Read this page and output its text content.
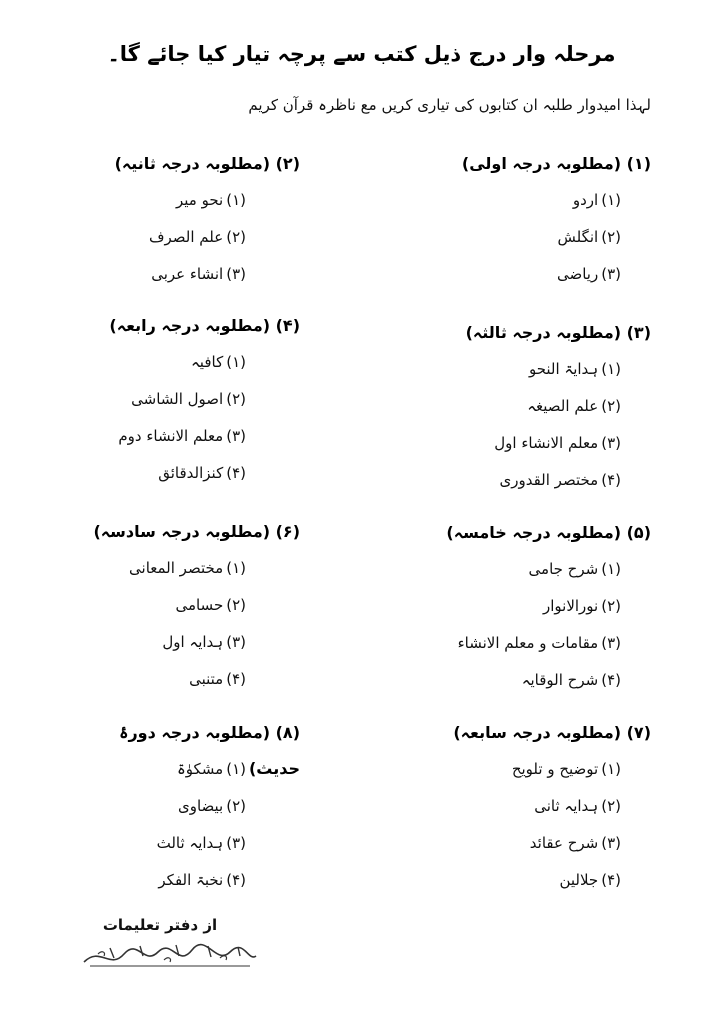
مرحلہ وار درج ذیل کتب سے پرچہ تیار کیا جائے گا۔
لہذا امیدوار طلبہ ان کتابوں کی تیاری کریں مع ناظرہ قرآن کریم
(۱) (مطلوبہ درجہ اولی)
(۱)اردو
(۲)انگلش
(۳)ریاضی
(۳) (مطلوبہ درجہ ثالثہ)
(۱)ہدایۃ النحو
(۲)علم الصیغہ
(۳)معلم الانشاء اول
(۴)مختصر القدوری
(۵) (مطلوبہ درجہ خامسہ)
(۱)شرح جامی
(۲)نورالانوار
(۳)مقامات و معلم الانشاء
(۴)شرح الوقایہ
(۷) (مطلوبہ درجہ سابعہ)
(۱)توضیح و تلویح
(۲)ہدایہ ثانی
(۳)شرح عقائد
(۴)جلالین
(۲) (مطلوبہ درجہ ثانیہ)
(۱)نحو میر
(۲)علم الصرف
(۳)انشاء عربی
(۴) (مطلوبہ درجہ رابعہ)
(۱)کافیہ
(۲)اصول الشاشی
(۳)معلم الانشاء دوم
(۴)کنزالدقائق
(۶) (مطلوبہ درجہ سادسہ)
(۱)مختصر المعانی
(۲)حسامی
(۳)ہدایہ اول
(۴)متنبی
(۸) (مطلوبہ درجہ دورۂ حدیث)
(۱)مشکوٰۃ
(۲)بیضاوی
(۳)ہدایہ ثالث
(۴)نخبۃ الفکر
از دفتر تعلیمات
